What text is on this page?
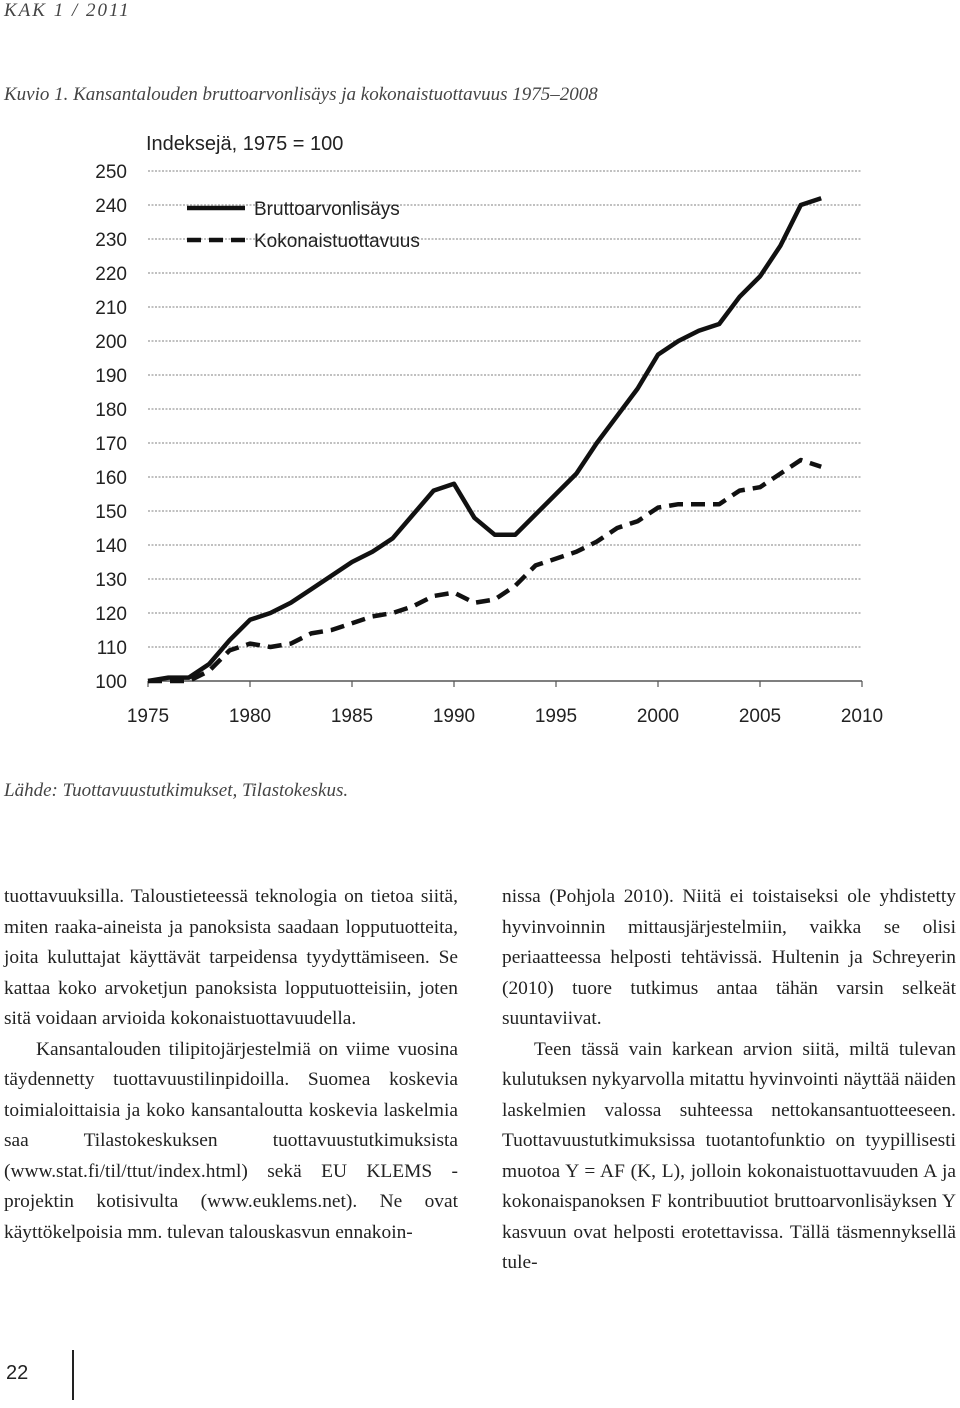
KAK 1 / 2011
Kuvio 1. Kansantalouden bruttoarvonlisäys ja kokonaistuottavuus 1975–2008
250
240
230
220
210
200
190
180
170
160
150
140
130
120
110
100
1975	1980	1985	1990	1995	2000	2005	2010
Indeksejä, 1975 = 100
Bruttoarvonlisäys
Kokonaistuottavuus
Lähde: Tuottavuustutkimukset, Tilastokeskus.

tuottavuuksilla. Taloustieteessä teknologia on tietoa siitä, miten raaka-aineista ja panoksista saadaan lopputuotteita, joita kuluttajat käyttävät tarpeidensa tyydyttämiseen. Se kattaa koko arvoketjun panoksista lopputuotteisiin, joten sitä voidaan arvioida kokonaistuottavuudella.

Kansantalouden tilipitojärjestelmiä on viime vuosina täydennetty tuottavuustilinpidoilla. Suomea koskevia toimialoittaisia ja koko kansantaloutta koskevia laskelmia saa Tilastokeskuksen tuottavuustutkimuksista (www.stat.fi/til/ttut/index.html) sekä EU KLEMS -projektin kotisivulta (www.euklems.net). Ne ovat käyttökelpoisia mm. tulevan talouskasvun ennakoin-

nissa (Pohjola 2010). Niitä ei toistaiseksi ole yhdistetty hyvinvoinnin mittausjärjestelmiin, vaikka se olisi periaatteessa helposti tehtävissä. Hultenin ja Schreyerin (2010) tuore tutkimus antaa tähän varsin selkeät suuntaviivat.

Teen tässä vain karkean arvion siitä, miltä tulevan kulutuksen nykyarvolla mitattu hyvinvointi näyttää näiden laskelmien valossa suhteessa nettokansantuotteeseen. Tuottavuustutkimuksissa tuotantofunktio on tyypillisesti muotoa Y = AF (K, L), jolloin kokonaistuottavuuden A ja kokonaispanoksen F kontribuutiot bruttoarvonlisäyksen Y kasvuun ovat helposti erotettavissa. Tällä täsmennyksellä tule-

22
